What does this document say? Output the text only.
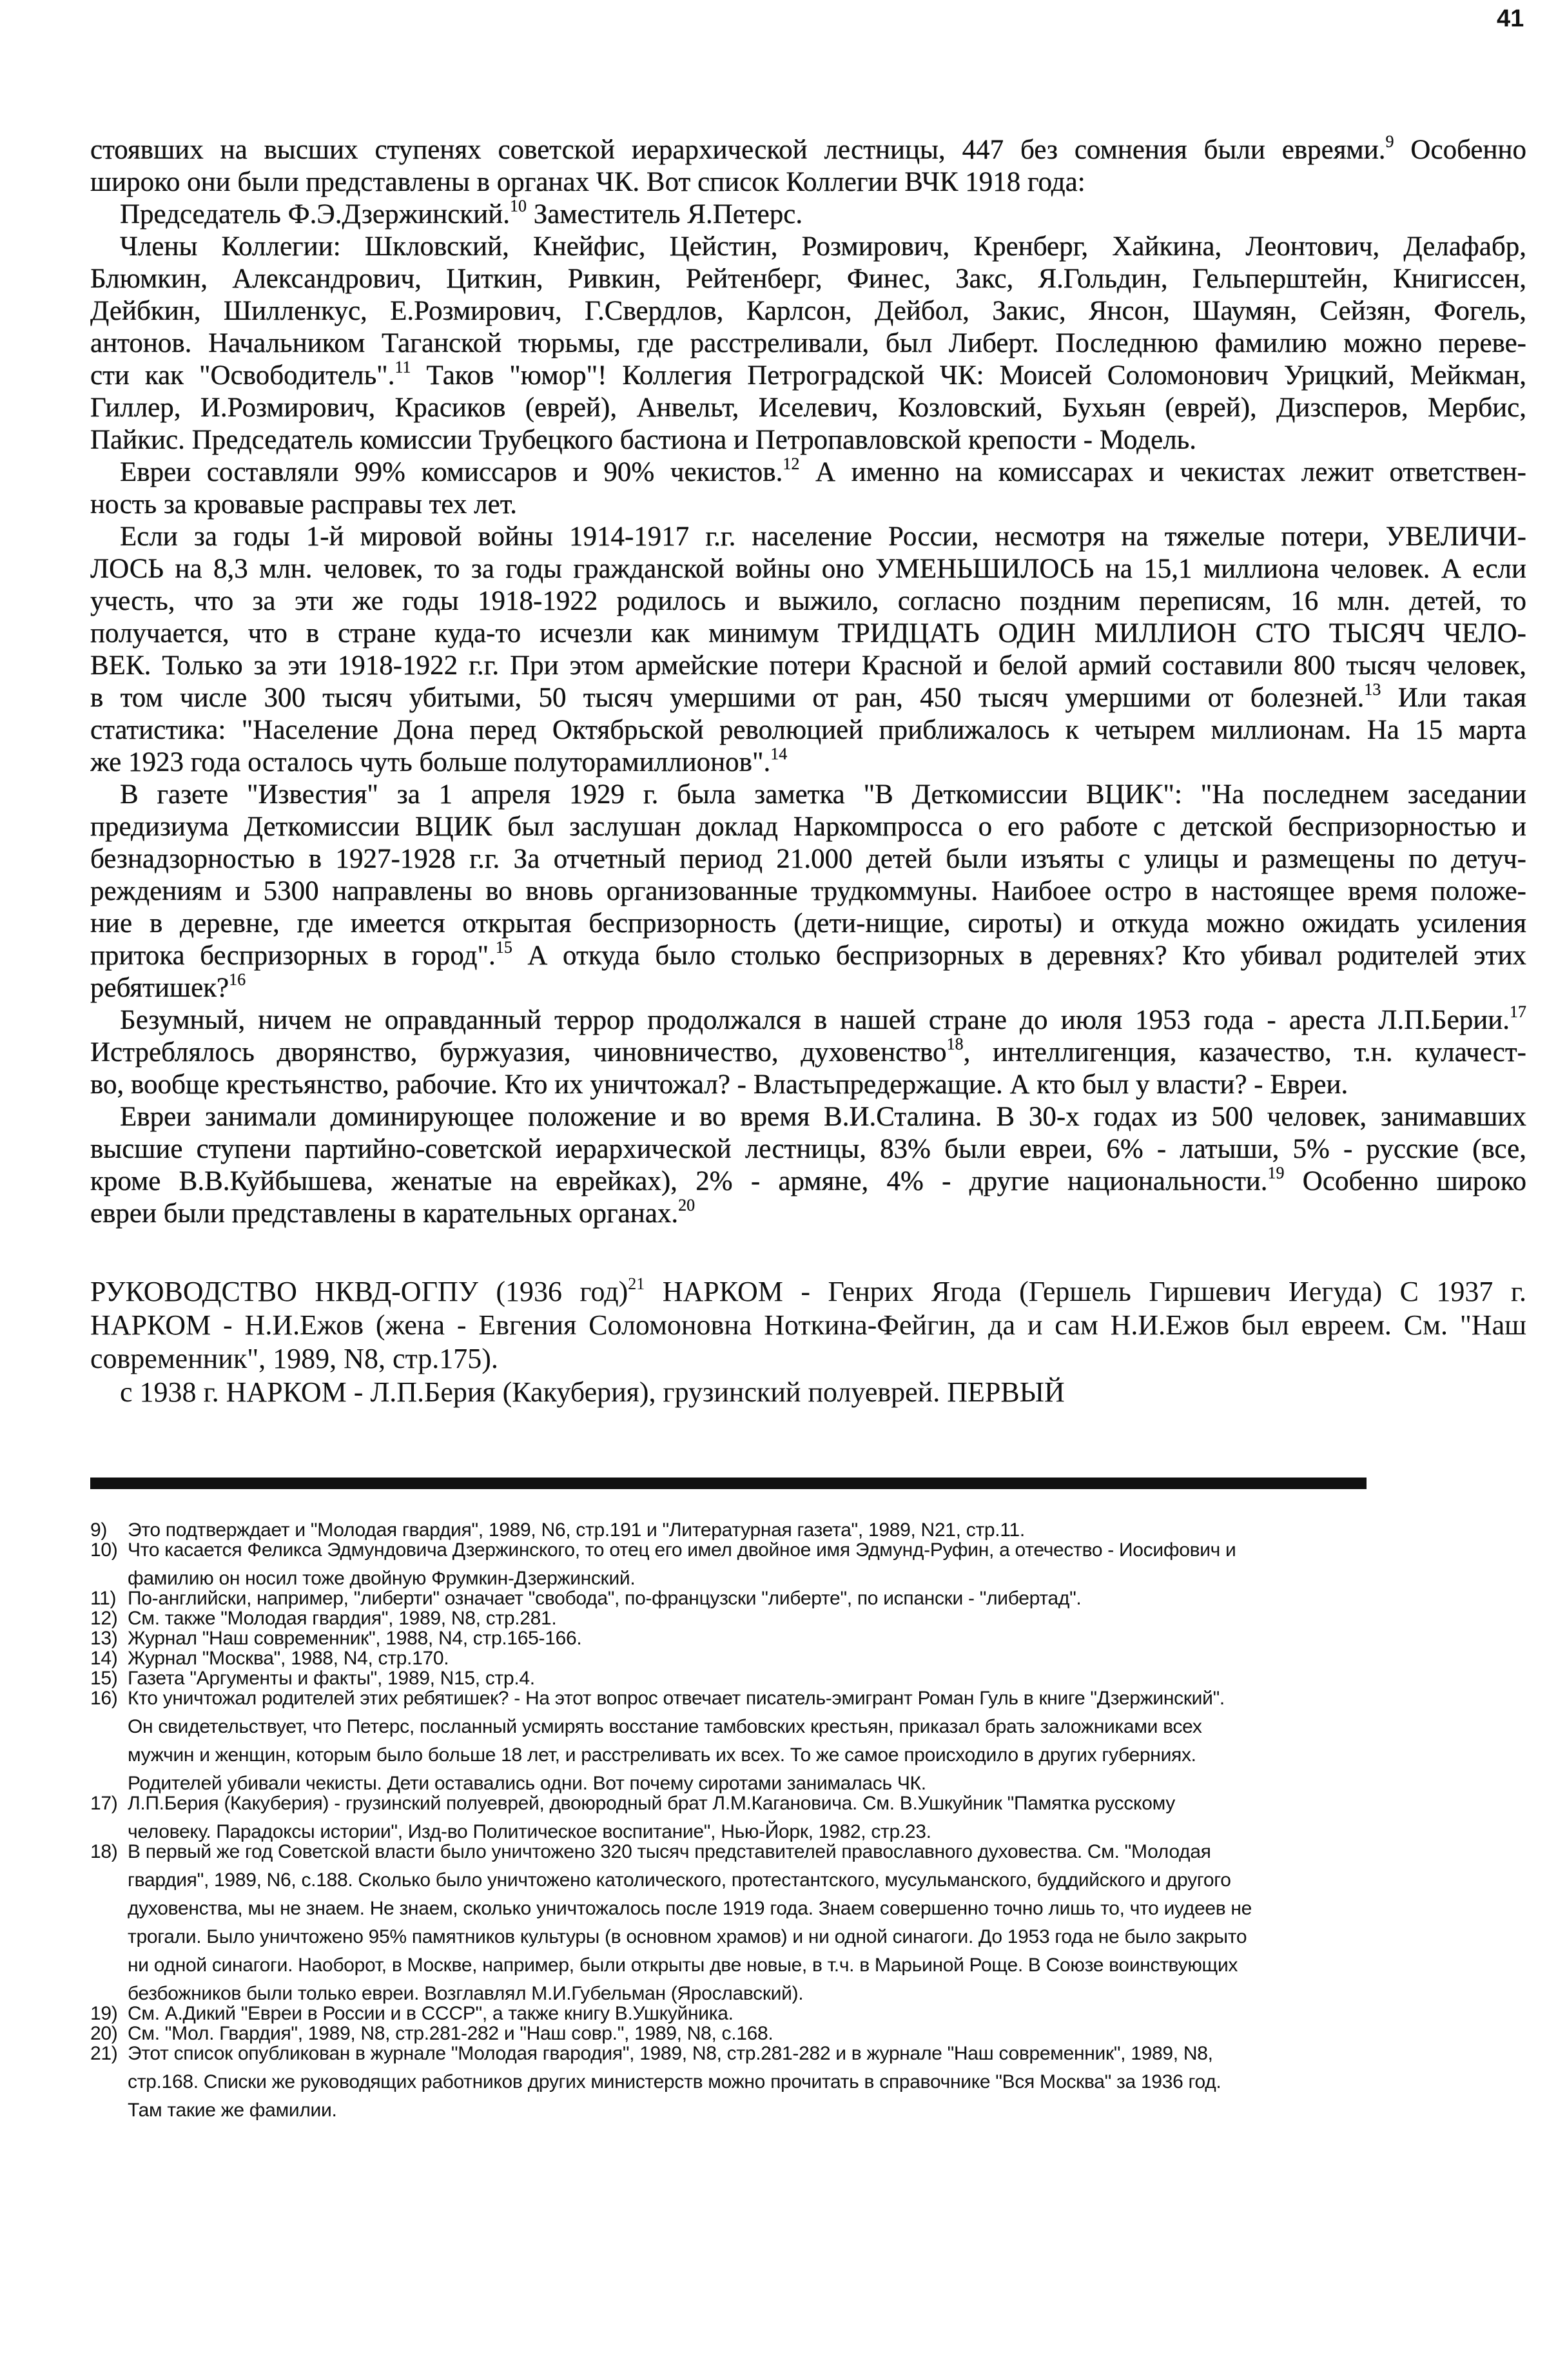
41
стоявших на высших ступенях советской иерархической лестницы, 447 без сомнения были евреями.$^9$ Особенно
широко они были представлены в органах ЧК. Вот список Коллегии ВЧК 1918 года:
Председатель Ф.Э.Дзержинский.$^{10}$ Заместитель Я.Петерс.
Члены Коллегии: Шкловский, Кнейфис, Цейстин, Розмирович, Кренберг, Хайкина, Леонтович, Делафабр,
Блюмкин, Александрович, Циткин, Ривкин, Рейтенберг, Финес, Закс, Я.Гольдин, Гельперштейн, Книгиссен,
Дейбкин, Шилленкус, Е.Розмирович, Г.Свердлов, Карлсон, Дейбол, Закис, Янсон, Шаумян, Сейзян, Фогель,
антонов. Начальником Таганской тюрьмы, где расстреливали, был Либерт. Последнюю фамилию можно переве-
сти как "Освободитель".$^{11}$ Таков "юмор"! Коллегия Петроградской ЧК: Моисей Соломонович Урицкий, Мейкман,
Гиллер, И.Розмирович, Красиков (еврей), Анвельт, Иселевич, Козловский, Бухьян (еврей), Дизсперов, Мербис,
Пайкис. Председатель комиссии Трубецкого бастиона и Петропавловской крепости - Модель.
Евреи составляли 99% комиссаров и 90% чекистов.$^{12}$ А именно на комиссарах и чекистах лежит ответствен-
ность за кровавые расправы тех лет.
Если за годы 1-й мировой войны 1914-1917 г.г. население России, несмотря на тяжелые потери, УВЕЛИЧИ-
ЛОСЬ на 8,3 млн. человек, то за годы гражданской войны оно УМЕНЬШИЛОСЬ на 15,1 миллиона человек. А если
учесть, что за эти же годы 1918-1922 родилось и выжило, согласно поздним переписям, 16 млн. детей, то
получается, что в стране куда-то исчезли как минимум ТРИДЦАТЬ ОДИН МИЛЛИОН СТО ТЫСЯЧ ЧЕЛО-
ВЕК. Только за эти 1918-1922 г.г. При этом армейские потери Красной и белой армий составили 800 тысяч человек,
в том числе 300 тысяч убитыми, 50 тысяч умершими от ран, 450 тысяч умершими от болезней.$^{13}$ Или такая
статистика: "Население Дона перед Октябрьской революцией приближалось к четырем миллионам. На 15 марта
же 1923 года осталось чуть больше полуторамиллионов".$^{14}$
В газете "Известия" за 1 апреля 1929 г. была заметка "В Деткомиссии ВЦИК": "На последнем заседании
предизиума Деткомиссии ВЦИК был заслушан доклад Наркомпросса о его работе с детской беспризорностью и
безнадзорностью в 1927-1928 г.г. За отчетный период 21.000 детей были изъяты с улицы и размещены по детуч-
реждениям и 5300 направлены во вновь организованные трудкоммуны. Наибоее остро в настоящее время положе-
ние в деревне, где имеется открытая беспризорность (дети-нищие, сироты) и откуда можно ожидать усиления
притока беспризорных в город".$^{15}$ А откуда было столько беспризорных в деревнях? Кто убивал родителей этих
ребятишек?$^{16}$
Безумный, ничем не оправданный террор продолжался в нашей стране до июля 1953 года - ареста Л.П.Берии.$^{17}$
Истреблялось дворянство, буржуазия, чиновничество, духовенство$^{18}$, интеллигенция, казачество, т.н. кулачест-
во, вообще крестьянство, рабочие. Кто их уничтожал? - Властьпредержащие. А кто был у власти? - Евреи.
Евреи занимали доминирующее положение и во время В.И.Сталина. В 30-х годах из 500 человек, занимавших
высшие ступени партийно-советской иерархической лестницы, 83% были евреи, 6% - латыши, 5% - русские (все,
кроме В.В.Куйбышева, женатые на еврейках), 2% - армяне, 4% - другие национальности.$^{19}$ Особенно широко
евреи были представлены в карательных органах.$^{20}$
РУКОВОДСТВО НКВД-ОГПУ (1936 год)$^{21}$ НАРКОМ - Генрих Ягода (Гершель Гиршевич Иегуда) С 1937 г.
НАРКОМ - Н.И.Ежов (жена - Евгения Соломоновна Ноткина-Фейгин, да и сам Н.И.Ежов был евреем. См. "Наш
современник", 1989, N8, стр.175).
с 1938 г. НАРКОМ - Л.П.Берия (Какуберия), грузинский полуеврей. ПЕРВЫЙ
9) Это подтверждает и "Молодая гвардия", 1989, N6, стр.191 и "Литературная газета", 1989, N21, стр.11.
10) Что касается Феликса Эдмундовича Дзержинского, то отец его имел двойное имя Эдмунд-Руфин, а отечество - Иосифович и
фамилию он носил тоже двойную Фрумкин-Дзержинский.
11) По-английски, например, "либерти" означает "свобода", по-французски "либерте", по испански - "либертад".
12) См. также "Молодая гвардия", 1989, N8, стр.281.
13) Журнал "Наш современник", 1988, N4, стр.165-166.
14) Журнал "Москва", 1988, N4, стр.170.
15) Газета "Аргументы и факты", 1989, N15, стр.4.
16) Кто уничтожал родителей этих ребятишек? - На этот вопрос отвечает писатель-эмигрант Роман Гуль в книге "Дзержинский".
Он свидетельствует, что Петерс, посланный усмирять восстание тамбовских крестьян, приказал брать заложниками всех
мужчин и женщин, которым было больше 18 лет, и расстреливать их всех. То же самое происходило в других губерниях.
Родителей убивали чекисты. Дети оставались одни. Вот почему сиротами занималась ЧК.
17) Л.П.Берия (Какуберия) - грузинский полуеврей, двоюродный брат Л.М.Кагановича. См. В.Ушкуйник "Памятка русскому
человеку. Парадоксы истории", Изд-во Политическое воспитание", Нью-Йорк, 1982, стр.23.
18) В первый же год Советской власти было уничтожено 320 тысяч представителей православного духовества. См. "Молодая
гвардия", 1989, N6, с.188. Сколько было уничтожено католического, протестантского, мусульманского, буддийского и другого
духовенства, мы не знаем. Не знаем, сколько уничтожалось после 1919 года. Знаем совершенно точно лишь то, что иудеев не
трогали. Было уничтожено 95% памятников культуры (в основном храмов) и ни одной синагоги. До 1953 года не было закрыто
ни одной синагоги. Наоборот, в Москве, например, были открыты две новые, в т.ч. в Марьиной Роще. В Союзе воинствующих
безбожников были только евреи. Возглавлял М.И.Губельман (Ярославский).
19) См. А.Дикий "Евреи в России и в СССР", а также книгу В.Ушкуйника.
20) См. "Мол. Гвардия", 1989, N8, стр.281-282 и "Наш совр.", 1989, N8, с.168.
21) Этот список опубликован в журнале "Молодая гвародия", 1989, N8, стр.281-282 и в журнале "Наш современник", 1989, N8,
стр.168. Списки же руководящих работников других министерств можно прочитать в справочнике "Вся Москва" за 1936 год.
Там такие же фамилии.
